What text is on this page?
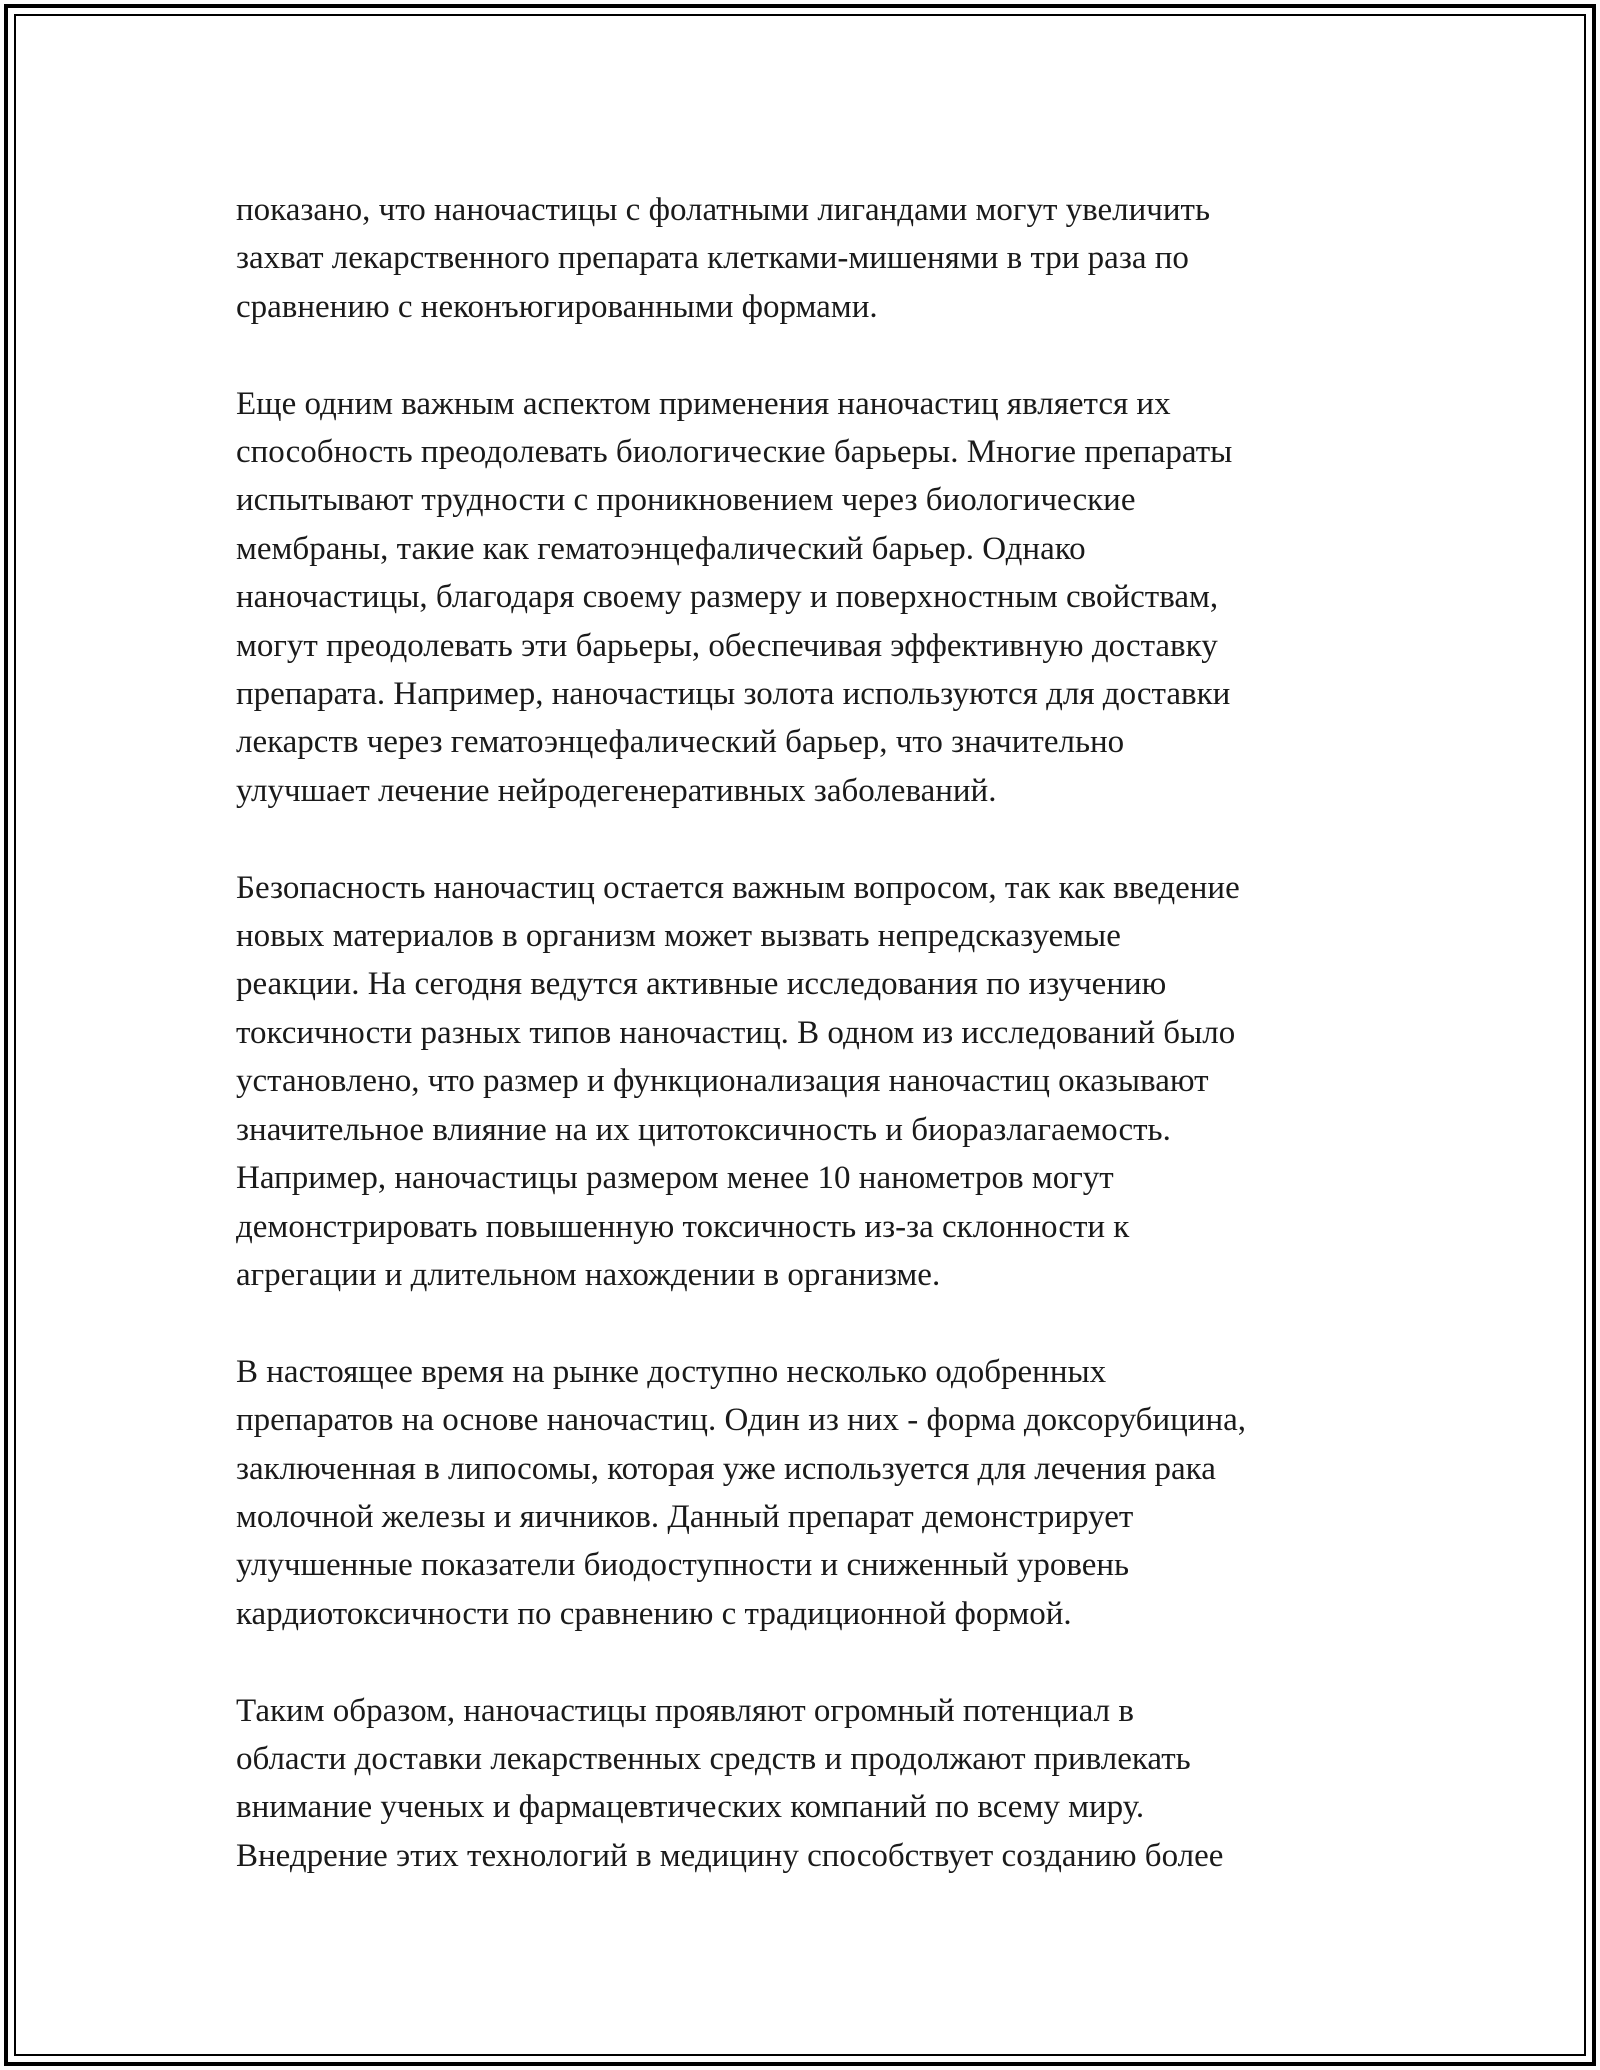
показано, что наночастицы с фолатными лигандами могут увеличить
захват лекарственного препарата клетками-мишенями в три раза по
сравнению с неконъюгированными формами.

Еще одним важным аспектом применения наночастиц является их
способность преодолевать биологические барьеры. Многие препараты
испытывают трудности с проникновением через биологические
мембраны, такие как гематоэнцефалический барьер. Однако
наночастицы, благодаря своему размеру и поверхностным свойствам,
могут преодолевать эти барьеры, обеспечивая эффективную доставку
препарата. Например, наночастицы золота используются для доставки
лекарств через гематоэнцефалический барьер, что значительно
улучшает лечение нейродегенеративных заболеваний.

Безопасность наночастиц остается важным вопросом, так как введение
новых материалов в организм может вызвать непредсказуемые
реакции. На сегодня ведутся активные исследования по изучению
токсичности разных типов наночастиц. В одном из исследований было
установлено, что размер и функционализация наночастиц оказывают
значительное влияние на их цитотоксичность и биоразлагаемость.
Например, наночастицы размером менее 10 нанометров могут
демонстрировать повышенную токсичность из-за склонности к
агрегации и длительном нахождении в организме.

В настоящее время на рынке доступно несколько одобренных
препаратов на основе наночастиц. Один из них - форма доксорубицина,
заключенная в липосомы, которая уже используется для лечения рака
молочной железы и яичников. Данный препарат демонстрирует
улучшенные показатели биодоступности и сниженный уровень
кардиотоксичности по сравнению с традиционной формой.

Таким образом, наночастицы проявляют огромный потенциал в
области доставки лекарственных средств и продолжают привлекать
внимание ученых и фармацевтических компаний по всему миру.
Внедрение этих технологий в медицину способствует созданию более
